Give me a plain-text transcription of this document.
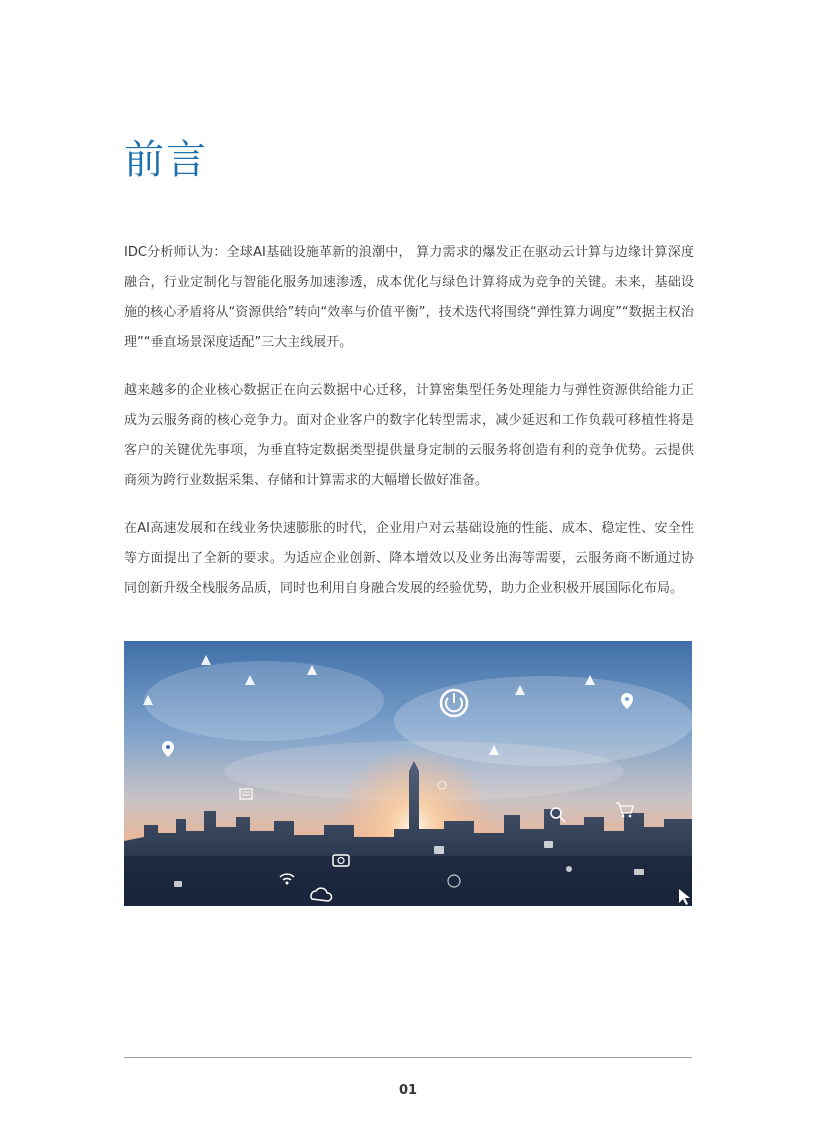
前言

IDC分析师认为：全球AI基础设施革新的浪潮中， 算力需求的爆发正在驱动云计算与边缘计算深度融合，行业定制化与智能化服务加速渗透，成本优化与绿色计算将成为竞争的关键。未来，基础设施的核心矛盾将从“资源供给”转向“效率与价值平衡”，技术迭代将围绕“弹性算力调度”“数据主权治理”“垂直场景深度适配”三大主线展开。

越来越多的企业核心数据正在向云数据中心迁移，计算密集型任务处理能力与弹性资源供给能力正成为云服务商的核心竞争力。面对企业客户的数字化转型需求，减少延迟和工作负载可移植性将是客户的关键优先事项，为垂直特定数据类型提供量身定制的云服务将创造有利的竞争优势。云提供商须为跨行业数据采集、存储和计算需求的大幅增长做好准备。

在AI高速发展和在线业务快速膨胀的时代，企业用户对云基础设施的性能、成本、稳定性、安全性等方面提出了全新的要求。为适应企业创新、降本增效以及业务出海等需要，云服务商不断通过协同创新升级全栈服务品质，同时也利用自身融合发展的经验优势，助力企业积极开展国际化布局。

01
